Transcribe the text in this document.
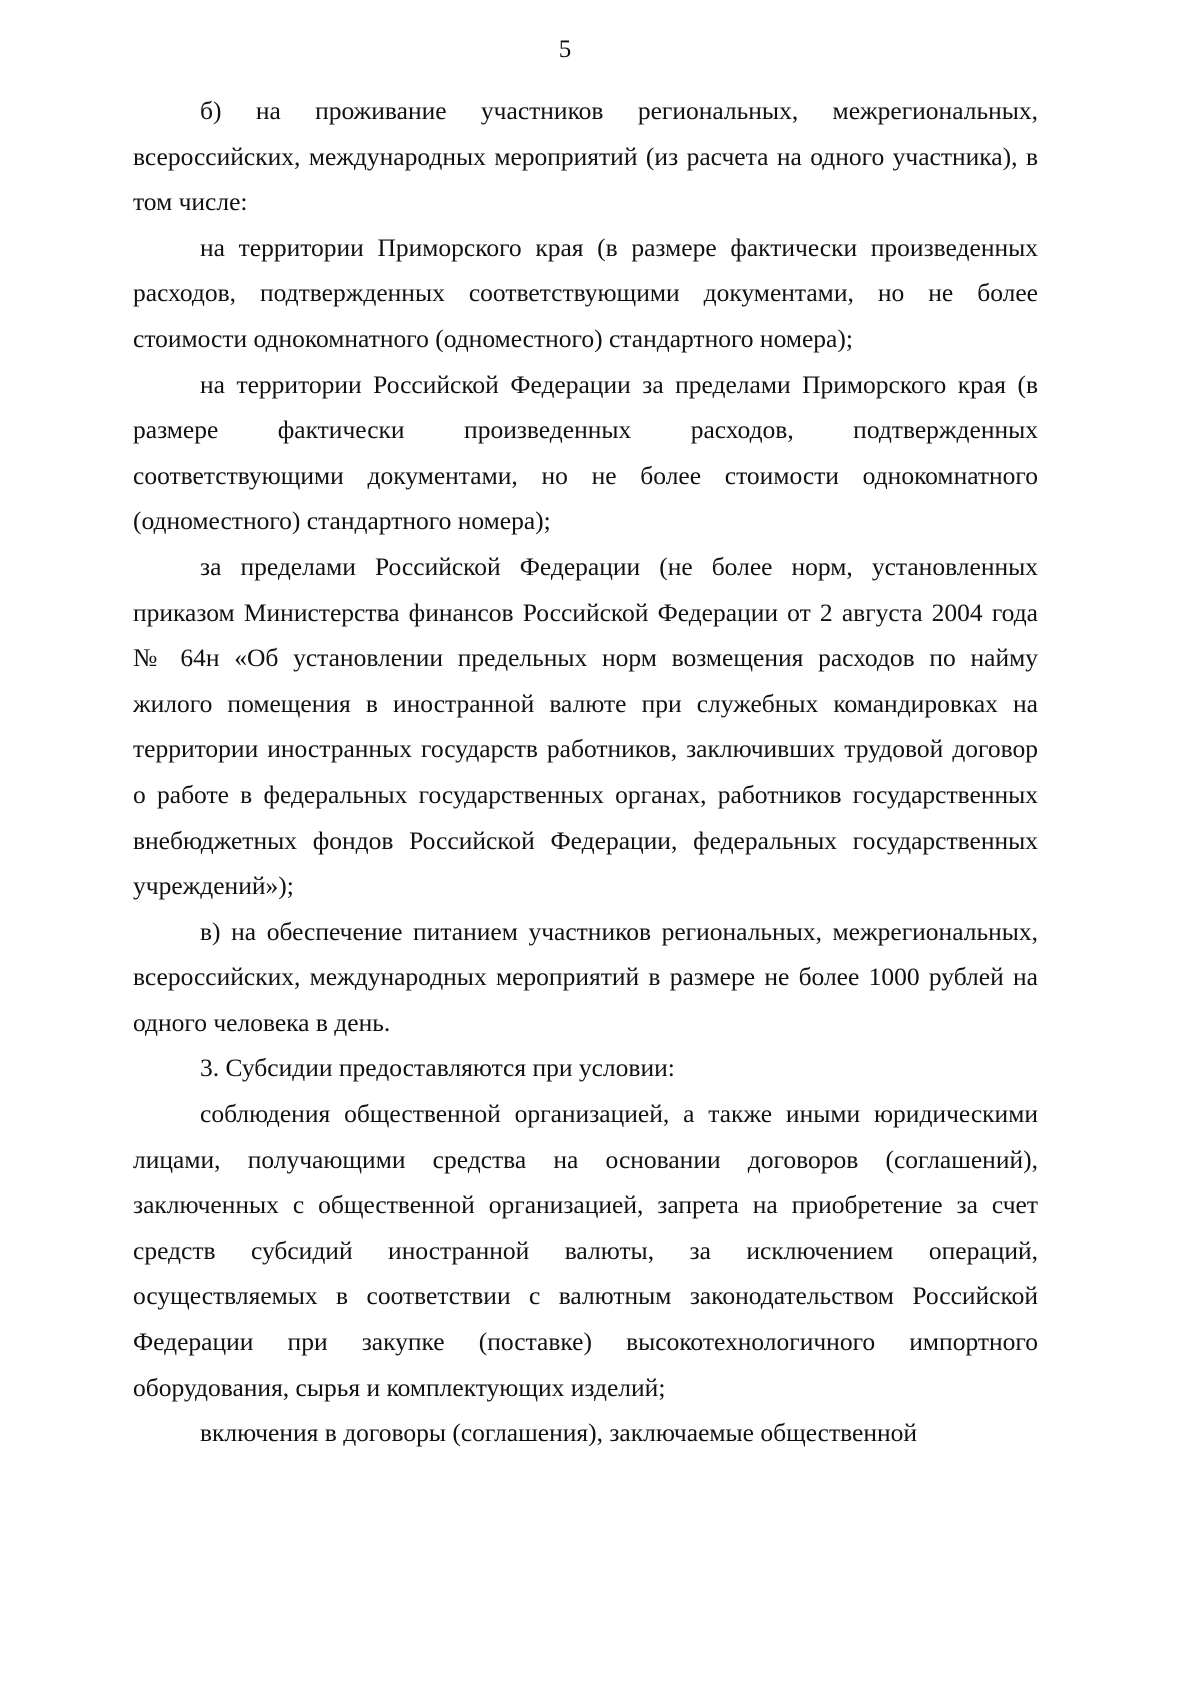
5

б) на проживание участников региональных, межрегиональных, всероссийских, международных мероприятий (из расчета на одного участника), в том числе:

на территории Приморского края (в размере фактически произведенных расходов, подтвержденных соответствующими документами, но не более стоимости однокомнатного (одноместного) стандартного номера);

на территории Российской Федерации за пределами Приморского края (в размере фактически произведенных расходов, подтвержденных соответствующими документами, но не более стоимости однокомнатного (одноместного) стандартного номера);

за пределами Российской Федерации (не более норм, установленных приказом Министерства финансов Российской Федерации от 2 августа 2004 года № 64н «Об установлении предельных норм возмещения расходов по найму жилого помещения в иностранной валюте при служебных командировках на территории иностранных государств работников, заключивших трудовой договор о работе в федеральных государственных органах, работников государственных внебюджетных фондов Российской Федерации, федеральных государственных учреждений»);

в) на обеспечение питанием участников региональных, межрегиональных, всероссийских, международных мероприятий в размере не более 1000 рублей на одного человека в день.

3. Субсидии предоставляются при условии:

соблюдения общественной организацией, а также иными юридическими лицами, получающими средства на основании договоров (соглашений), заключенных с общественной организацией, запрета на приобретение за счет средств субсидий иностранной валюты, за исключением операций, осуществляемых в соответствии с валютным законодательством Российской Федерации при закупке (поставке) высокотехнологичного импортного оборудования, сырья и комплектующих изделий;

включения в договоры (соглашения), заключаемые общественной
